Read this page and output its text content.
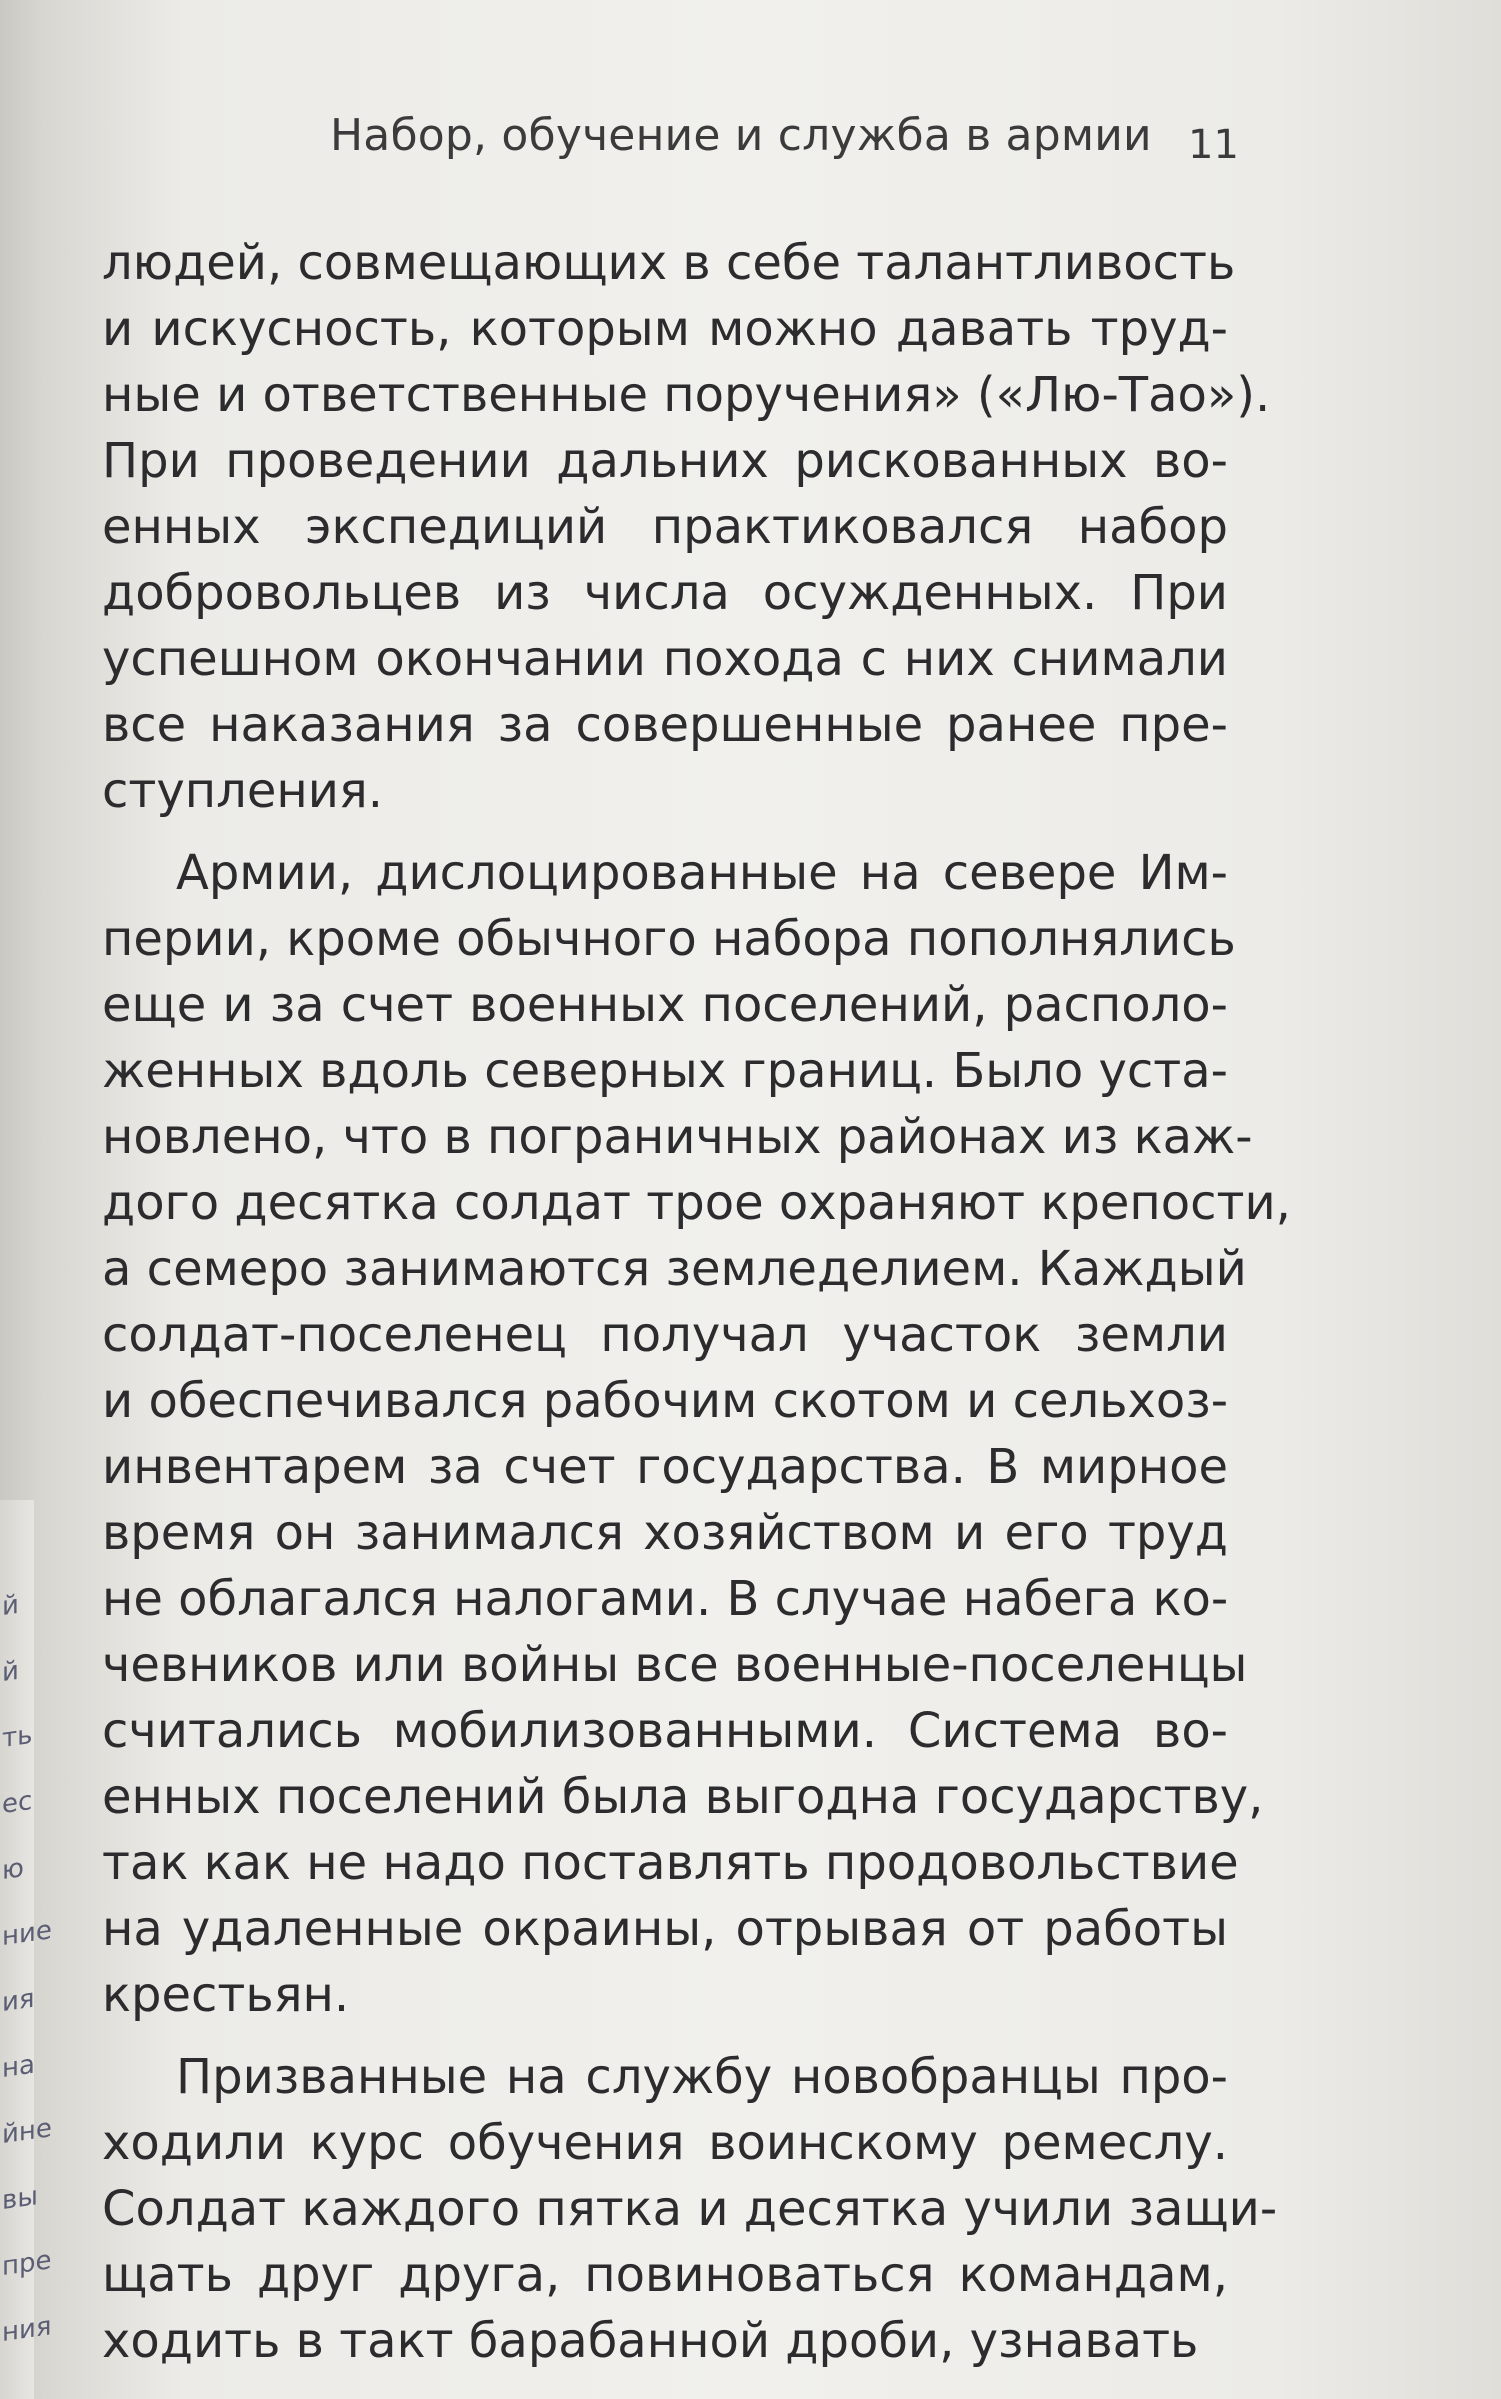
й
й
ть
ес
ю
ние
ия
на
йне
вы
пре
ния
Набор, обучение и служба в армии 11
людей, совмещающих в себе талантливость
и искусность, которым можно давать труд-
ные и ответственные поручения» («Лю-Тао»).
При проведении дальних рискованных во-
енных экспедиций практиковался набор
добровольцев из числа осужденных. При
успешном окончании похода с них снимали
все наказания за совершенные ранее пре-
ступления.
Армии, дислоцированные на севере Им-
перии, кроме обычного набора пополнялись
еще и за счет военных поселений, располо-
женных вдоль северных границ. Было уста-
новлено, что в пограничных районах из каж-
дого десятка солдат трое охраняют крепости,
а семеро занимаются земледелием. Каждый
солдат-поселенец получал участок земли
и обеспечивался рабочим скотом и сельхоз-
инвентарем за счет государства. В мирное
время он занимался хозяйством и его труд
не облагался налогами. В случае набега ко-
чевников или войны все военные-поселенцы
считались мобилизованными. Система во-
енных поселений была выгодна государству,
так как не надо поставлять продовольствие
на удаленные окраины, отрывая от работы
крестьян.
Призванные на службу новобранцы про-
ходили курс обучения воинскому ремеслу.
Солдат каждого пятка и десятка учили защи-
щать друг друга, повиноваться командам,
ходить в такт барабанной дроби, узнавать
